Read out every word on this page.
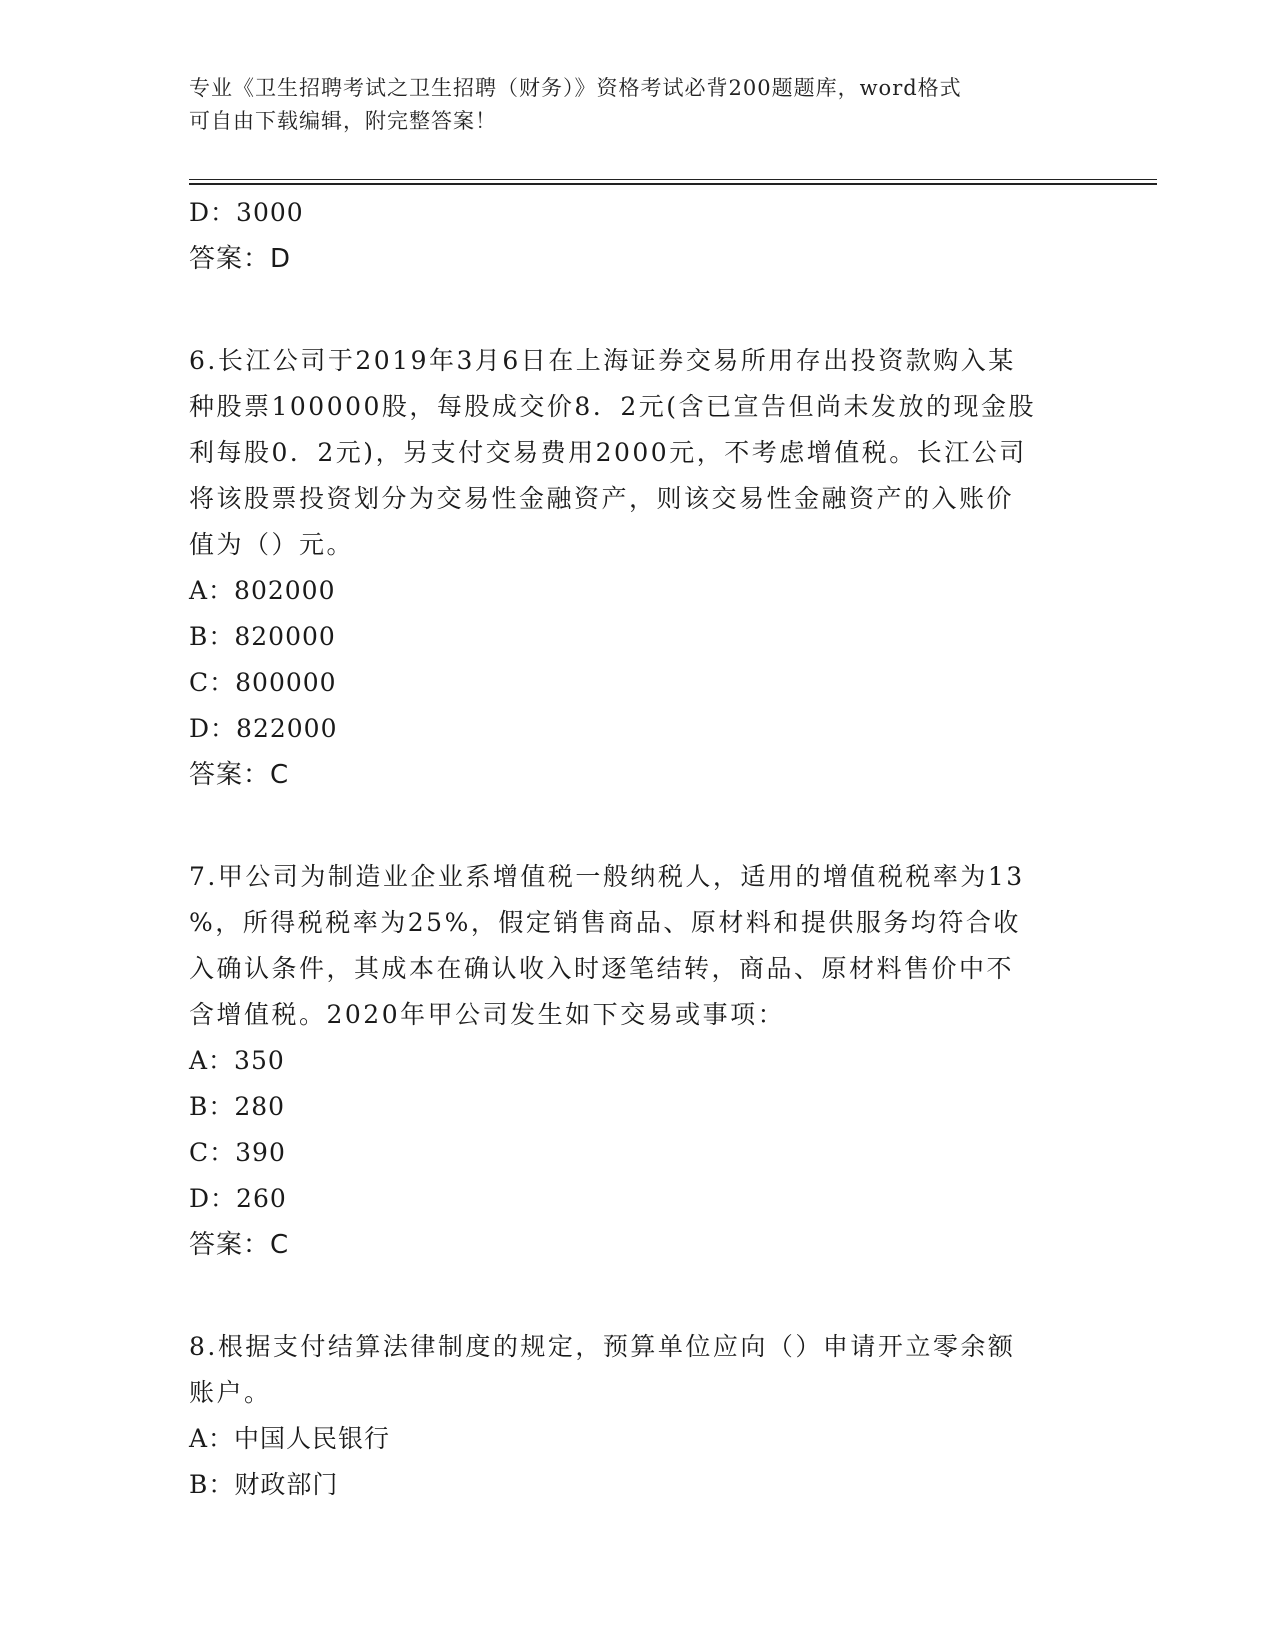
专业《卫生招聘考试之卫生招聘（财务）》资格考试必背200题题库，word格式
可自由下载编辑，附完整答案！
D：3000
答案：D
6.长江公司于2019年3月6日在上海证券交易所用存出投资款购入某
种股票100000股，每股成交价8．2元(含已宣告但尚未发放的现金股
利每股0．2元)，另支付交易费用2000元，不考虑增值税。长江公司
将该股票投资划分为交易性金融资产，则该交易性金融资产的入账价
值为（）元。
A：802000
B：820000
C：800000
D：822000
答案：C
7.甲公司为制造业企业系增值税一般纳税人，适用的增值税税率为13
%，所得税税率为25%，假定销售商品、原材料和提供服务均符合收
入确认条件，其成本在确认收入时逐笔结转，商品、原材料售价中不
含增值税。2020年甲公司发生如下交易或事项：
A：350
B：280
C：390
D：260
答案：C
8.根据支付结算法律制度的规定，预算单位应向（）申请开立零余额
账户。
A：中国人民银行
B：财政部门
